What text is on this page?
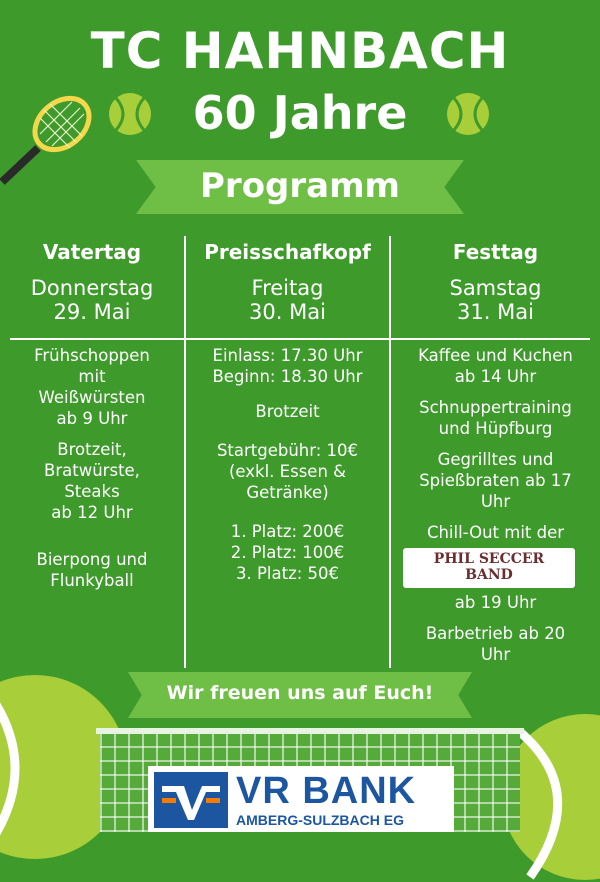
TC HAHNBACH
60 Jahre
Programm
Vatertag
Donnerstag
29. Mai
Frühschoppen
mit
Weißwürsten
ab 9 Uhr
Brotzeit,
Bratwürste,
Steaks
ab 12 Uhr
Bierpong und
Flunkyball
Preisschafkopf
Freitag
30. Mai
Einlass: 17.30 Uhr
Beginn: 18.30 Uhr
Brotzeit
Startgebühr: 10€
(exkl. Essen &
Getränke)
1. Platz: 200€
2. Platz: 100€
3. Platz: 50€
Festtag
Samstag
31. Mai
Kaffee und Kuchen
ab 14 Uhr
Schnuppertraining
und Hüpfburg
Gegrilltes und
Spießbraten ab 17
Uhr
Chill-Out mit der
PHIL SECCER
BAND
ab 19 Uhr
Barbetrieb ab 20
Uhr
Wir freuen uns auf Euch!
VR BANK
AMBERG-SULZBACH EG
